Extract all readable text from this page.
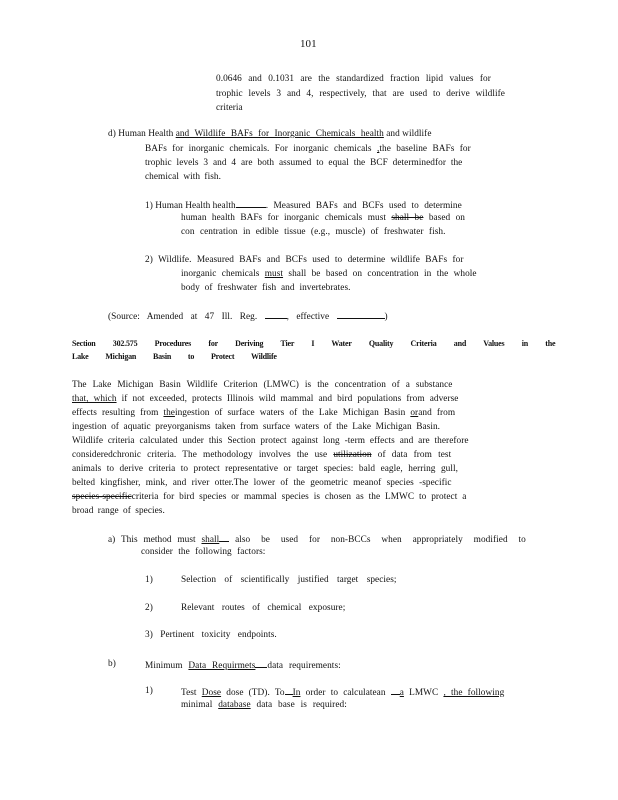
101
0.0646 and 0.1031 are the standardized fraction lipid values for
trophic levels 3 and 4, respectively, that are used to derive wildlife
criteria
d) Human Health and Wildlife BAFs for Inorganic Chemicals health and wildlife
BAFs for inorganic chemicals. For inorganic chemicals ,the baseline BAFs for
trophic levels 3 and 4 are both assumed to equal the BCF determinedfor the
chemical with fish.
1) Human Health health	. Measured BAFs and BCFs used to determine
human health BAFs for inorganic chemicals must shall be based on
con centration in edible tissue (e.g., muscle) of freshwater fish.
2) Wildlife. Measured BAFs and BCFs used to determine wildlife BAFs for
inorganic chemicals must shall be based on concentration in the whole
body of freshwater fish and invertebrates.
(Source: Amended at 47 Ill. Reg.	, effective	)
Section 302.575 Procedures for Deriving Tier I Water Quality Criteria and Values in the
Lake Michigan Basin to Protect Wildlife
The Lake Michigan Basin Wildlife Criterion (LMWC) is the concentration of a substance
that, which if not exceeded, protects Illinois wild mammal and bird populations from adverse
effects resulting from theingestion of surface waters of the Lake Michigan Basin orand from
ingestion of aquatic preyorganisms taken from surface waters of the Lake Michigan Basin.
Wildlife criteria calculated under this Section protect against long -term effects and are therefore
consideredchronic criteria. The methodology involves the use utilization of data from test
animals to derive criteria to protect representative or target species: bald eagle, herring gull,
belted kingfisher, mink, and river otter.The lower of the geometric meanof species -specific
species-specificcriteria for bird species or mammal species is chosen as the LMWC to protect a
broad range of species.
a) This method must shall also be used for non-BCCs when appropriately modified to
consider the following factors:
1)	Selection of scientifically justified target species;
2)	Relevant routes of chemical exposure;
3) Pertinent toxicity endpoints.
b)	Minimum Data Requirmets data requirements:
1)	Test Dose dose (TD). To In order to calculatean a LMWC , the following
minimal database data base is required:
